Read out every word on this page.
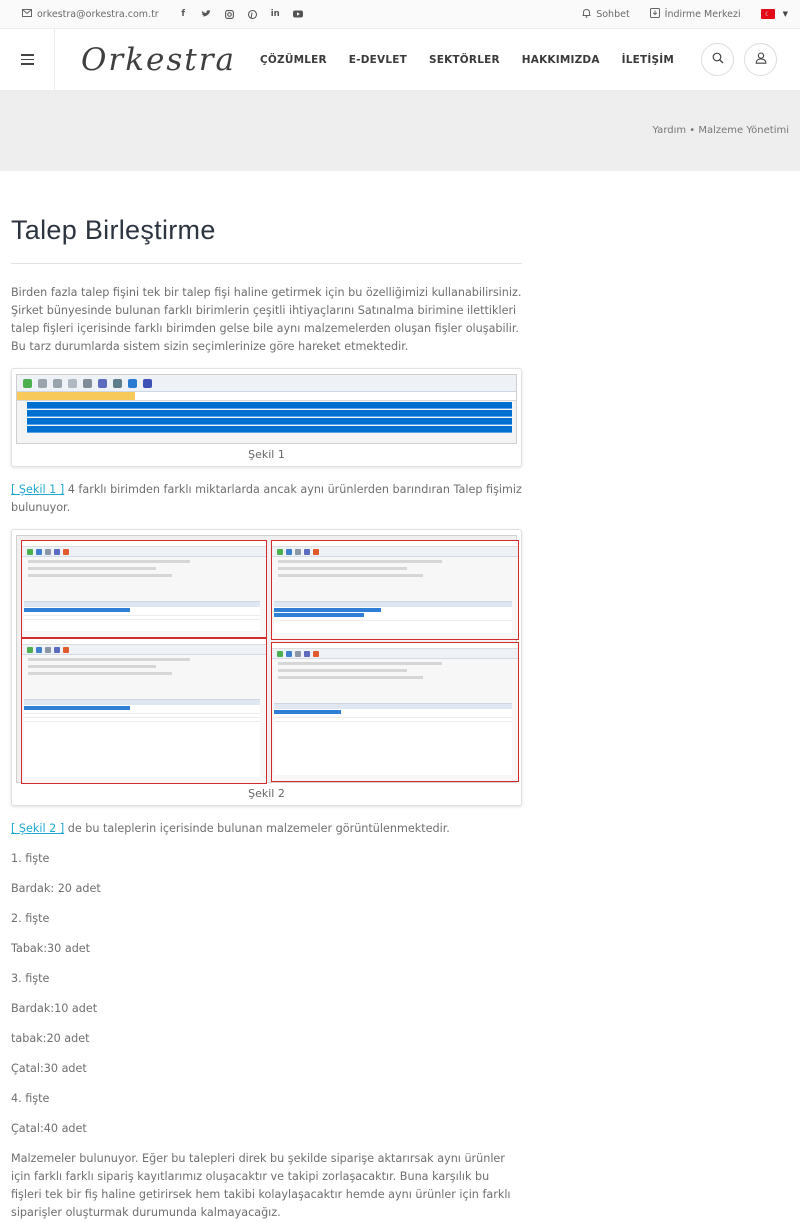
orkestra@orkestra.com.tr	f	in	Sohbet	İndirme Merkezi	☾	▼
Orkestra ÇÖZÜMLER E-DEVLET SEKTÖRLER HAKKIMIZDA İLETİŞİM
Yardım • Malzeme Yönetimi
Talep Birleştirme

Birden fazla talep fişini tek bir talep fişi haline getirmek için bu özelliğimizi kullanabilirsiniz. Şirket bünyesinde bulunan farklı birimlerin çeşitli ihtiyaçlarını Satınalma birimine ilettikleri talep fişleri içerisinde farklı birimden gelse bile aynı malzemelerden oluşan fişler oluşabilir. Bu tarz durumlarda sistem sizin seçimlerinize göre hareket etmektedir.

Şekil 1

[ Şekil 1 ] 4 farklı birimden farklı miktarlarda ancak aynı ürünlerden barındıran Talep fişimiz bulunuyor.

Şekil 2

[ Şekil 2 ] de bu taleplerin içerisinde bulunan malzemeler görüntülenmektedir.

1. fişte

Bardak: 20 adet

2. fişte

Tabak:30 adet

3. fişte

Bardak:10 adet

tabak:20 adet

Çatal:30 adet

4. fişte

Çatal:40 adet

Malzemeler bulunuyor. Eğer bu talepleri direk bu şekilde siparişe aktarırsak aynı ürünler için farklı farklı sipariş kayıtlarımız oluşacaktır ve takipi zorlaşacaktır. Buna karşılık bu fişleri tek bir fiş haline getirirsek hem takibi kolaylaşacaktır hemde aynı ürünler için farklı siparişler oluşturmak durumunda kalmayacağız.
